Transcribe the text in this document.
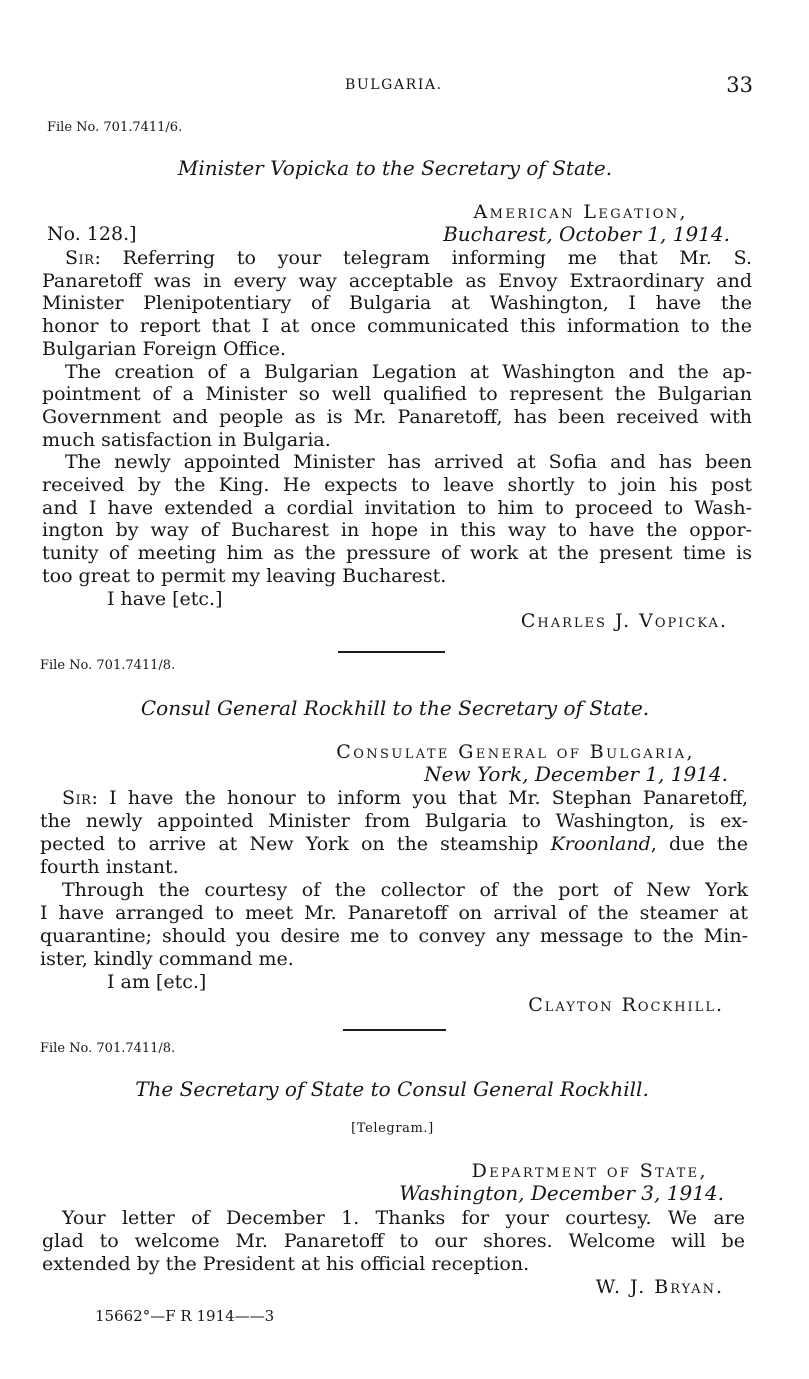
BULGARIA.	33
File No. 701.7411/6.
Minister Vopicka to the Secretary of State.
American Legation,
No. 128.]	Bucharest, October 1, 1914.
Sir: Referring to your telegram informing me that Mr. S.
Panaretoff was in every way acceptable as Envoy Extraordinary and
Minister Plenipotentiary of Bulgaria at Washington, I have the
honor to report that I at once communicated this information to the
Bulgarian Foreign Office.
The creation of a Bulgarian Legation at Washington and the ap-
pointment of a Minister so well qualified to represent the Bulgarian
Government and people as is Mr. Panaretoff, has been received with
much satisfaction in Bulgaria.
The newly appointed Minister has arrived at Sofia and has been
received by the King. He expects to leave shortly to join his post
and I have extended a cordial invitation to him to proceed to Wash-
ington by way of Bucharest in hope in this way to have the oppor-
tunity of meeting him as the pressure of work at the present time is
too great to permit my leaving Bucharest.
I have [etc.]
Charles J. Vopicka.
File No. 701.7411/8.
Consul General Rockhill to the Secretary of State.
Consulate General of Bulgaria,
New York, December 1, 1914.
Sir: I have the honour to inform you that Mr. Stephan Panaretoff,
the newly appointed Minister from Bulgaria to Washington, is ex-
pected to arrive at New York on the steamship Kroonland, due the
fourth instant.
Through the courtesy of the collector of the port of New York
I have arranged to meet Mr. Panaretoff on arrival of the steamer at
quarantine; should you desire me to convey any message to the Min-
ister, kindly command me.
I am [etc.]
Clayton Rockhill.
File No. 701.7411/8.
The Secretary of State to Consul General Rockhill.
[Telegram.]
Department of State,
Washington, December 3, 1914.
Your letter of December 1. Thanks for your courtesy. We are
glad to welcome Mr. Panaretoff to our shores. Welcome will be
extended by the President at his official reception.
W. J. Bryan.
15662°—F R 1914——3
